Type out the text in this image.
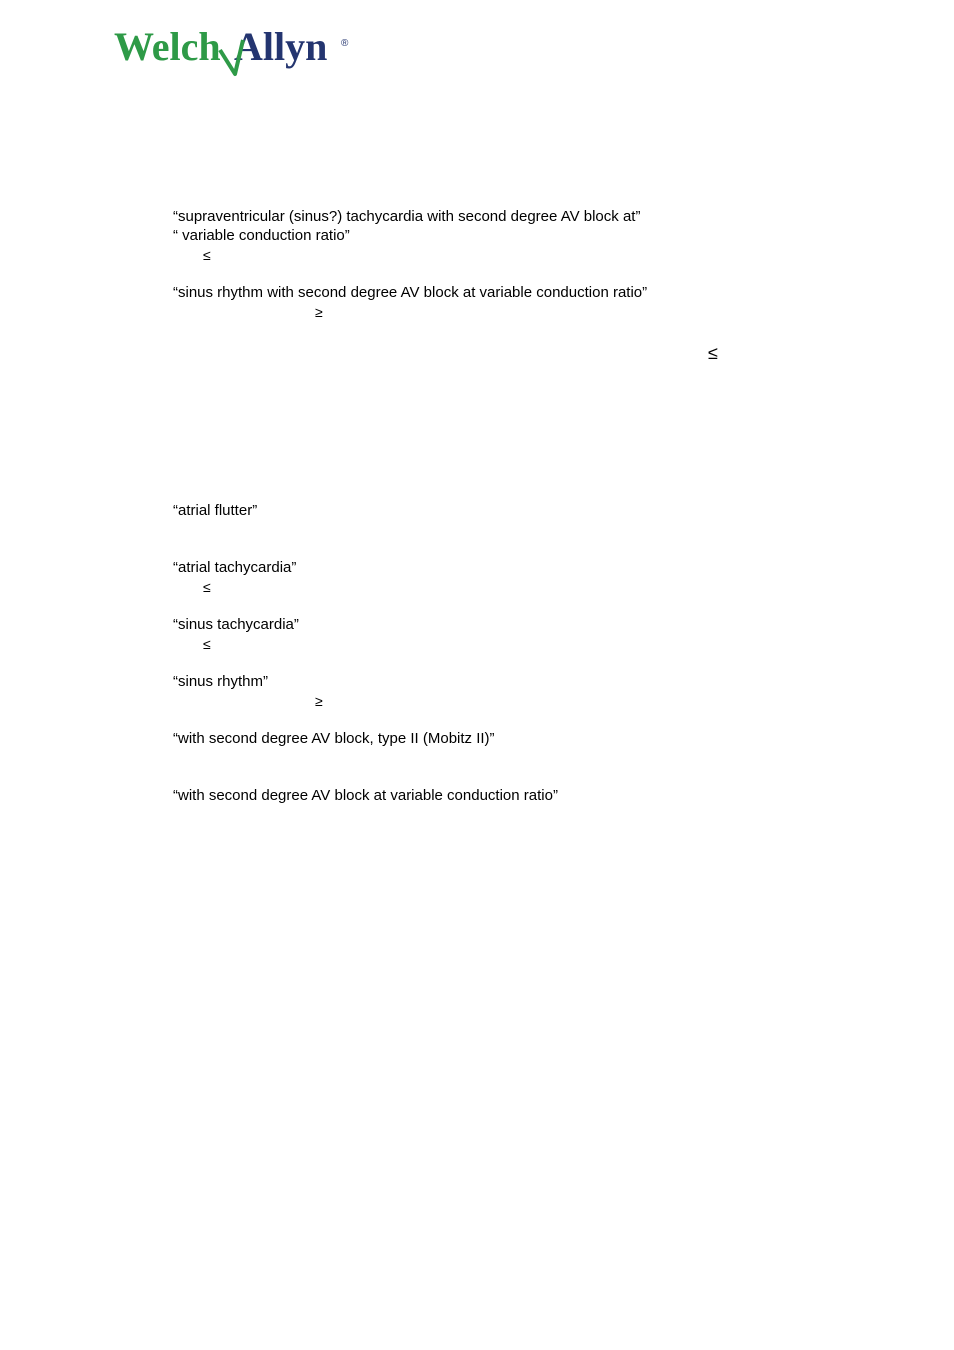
Welch Allyn ®
“supraventricular (sinus?) tachycardia with second degree AV block at”
“ variable conduction ratio”
≤
“sinus rhythm with second degree AV block at variable conduction ratio”
≥
≤
“atrial flutter”
“atrial tachycardia”
≤
“sinus tachycardia”
≤
“sinus rhythm”
≥
“with second degree AV block, type II (Mobitz II)”
“with second degree AV block at variable conduction ratio”
